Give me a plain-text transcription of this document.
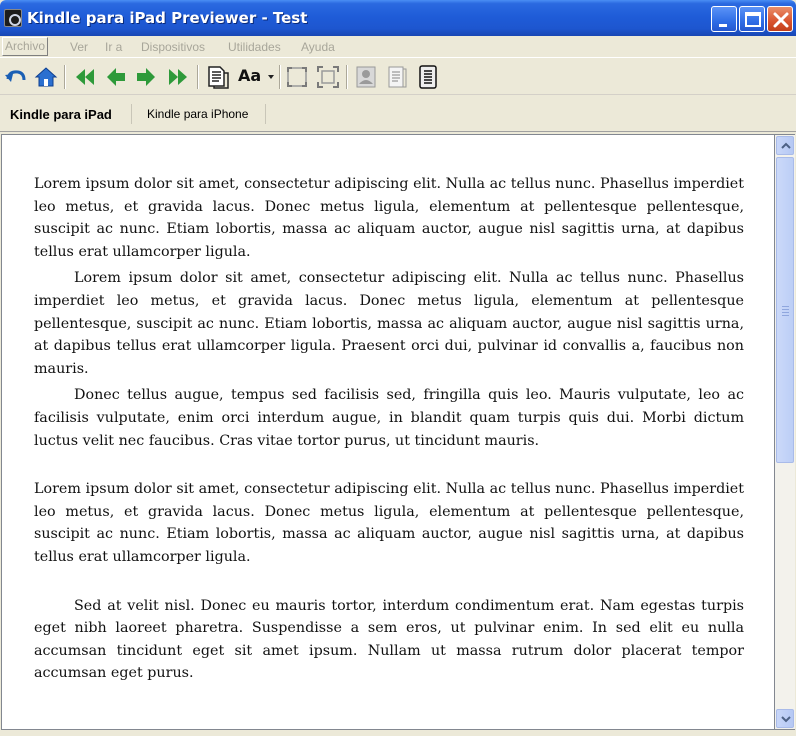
Kindle para iPad Previewer - Test
Archivo Ver Ir a Dispositivos Utilidades Ayuda
Aa
Kindle para iPad	Kindle para iPhone

Lorem ipsum dolor sit amet, consectetur adipiscing elit. Nulla ac tellus nunc. Phasellus imperdiet leo metus, et gravida lacus. Donec metus ligula, elementum at pellentesque pellentesque, suscipit ac nunc. Etiam lobortis, massa ac aliquam auctor, augue nisl sagittis urna, at dapibus tellus erat ullamcorper ligula.

Lorem ipsum dolor sit amet, consectetur adipiscing elit. Nulla ac tellus nunc. Phasellus imperdiet leo metus, et gravida lacus. Donec metus ligula, elementum at pellentesque pellentesque, suscipit ac nunc. Etiam lobortis, massa ac aliquam auctor, augue nisl sagittis urna, at dapibus tellus erat ullamcorper ligula. Praesent orci dui, pulvinar id convallis a, faucibus non mauris.

Donec tellus augue, tempus sed facilisis sed, fringilla quis leo. Mauris vulputate, leo ac facilisis vulputate, enim orci interdum augue, in blandit quam turpis quis dui. Morbi dictum luctus velit nec faucibus. Cras vitae tortor purus, ut tincidunt mauris.

Lorem ipsum dolor sit amet, consectetur adipiscing elit. Nulla ac tellus nunc. Phasellus imperdiet leo metus, et gravida lacus. Donec metus ligula, elementum at pellentesque pellentesque, suscipit ac nunc. Etiam lobortis, massa ac aliquam auctor, augue nisl sagittis urna, at dapibus tellus erat ullamcorper ligula.

Sed at velit nisl. Donec eu mauris tortor, interdum condimentum erat. Nam egestas turpis eget nibh laoreet pharetra. Suspendisse a sem eros, ut pulvinar enim. In sed elit eu nulla accumsan tincidunt eget sit amet ipsum. Nullam ut massa rutrum dolor placerat tempor accumsan eget purus.
